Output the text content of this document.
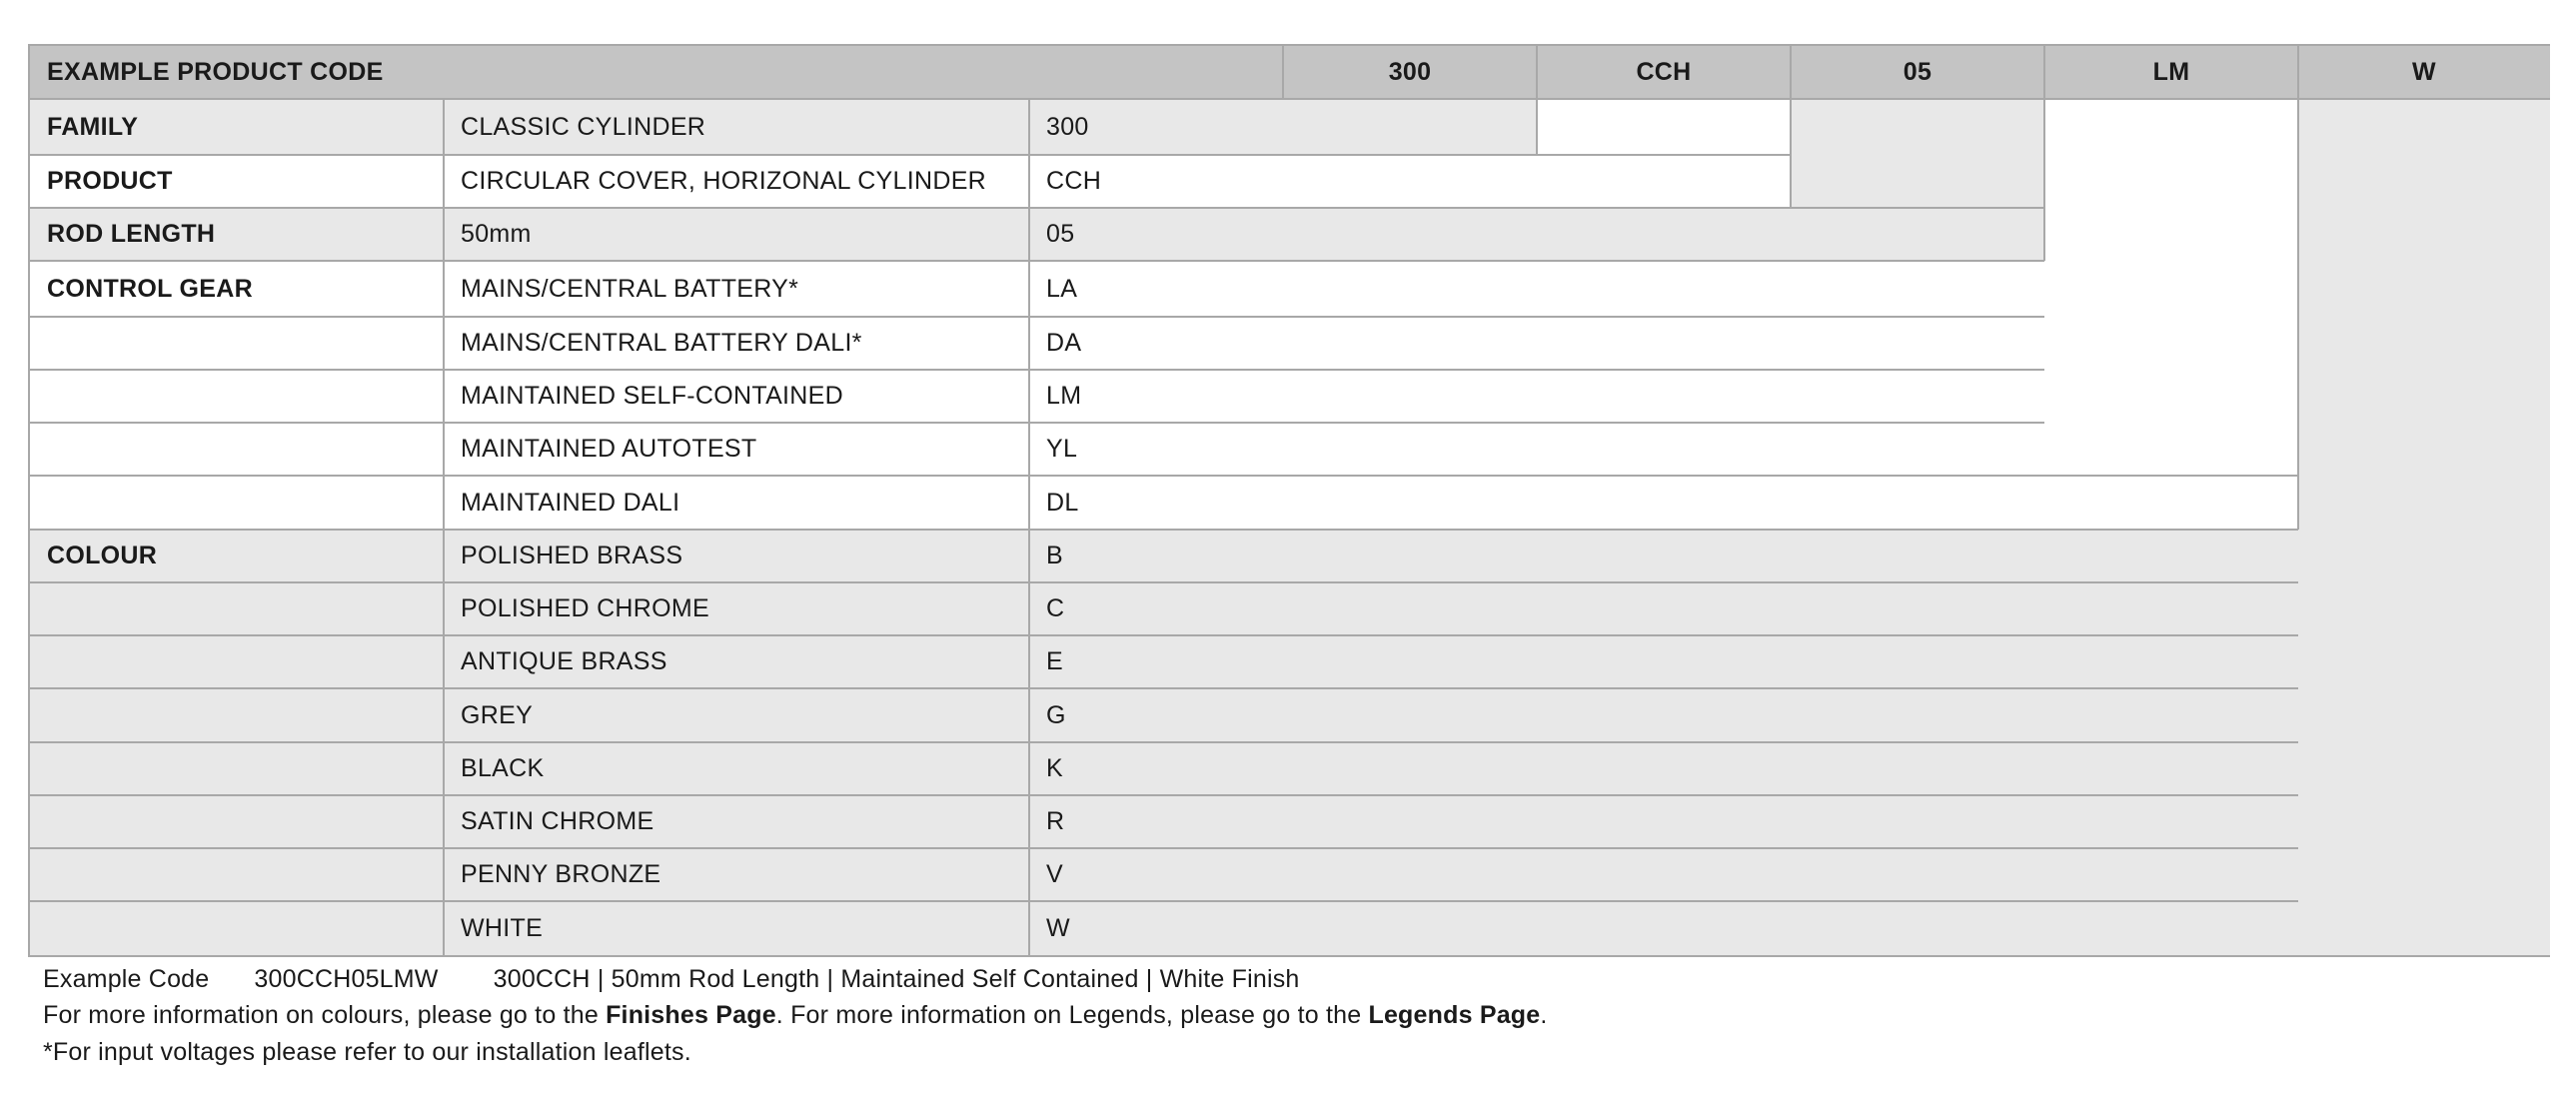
EXAMPLE PRODUCT CODE	300	CCH	05	LM	W
FAMILY	CLASSIC CYLINDER	300
PRODUCT	CIRCULAR COVER, HORIZONAL CYLINDER	CCH
ROD LENGTH	50mm	05
CONTROL GEAR	MAINS/CENTRAL BATTERY*	LA
MAINS/CENTRAL BATTERY DALI*	DA
MAINTAINED SELF-CONTAINED	LM
MAINTAINED AUTOTEST	YL
MAINTAINED DALI	DL
COLOUR	POLISHED BRASS	B
POLISHED CHROME	C
ANTIQUE BRASS	E
GREY	G
BLACK	K
SATIN CHROME	R
PENNY BRONZE	V
WHITE	W
Example Code 300CCH05LMW 300CCH | 50mm Rod Length | Maintained Self Contained | White Finish
For more information on colours, please go to the Finishes Page. For more information on Legends, please go to the Legends Page.
*For input voltages please refer to our installation leaflets.
